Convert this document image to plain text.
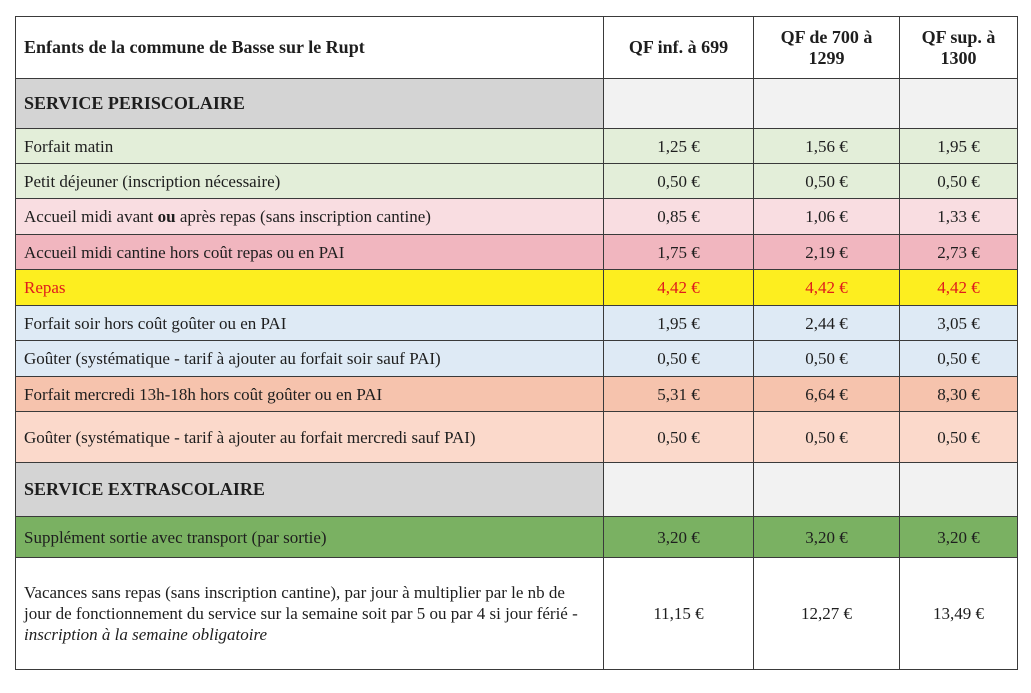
Enfants de la commune de Basse sur le Rupt	QF inf. à 699	QF de 700 à 1299	QF sup. à 1300
SERVICE PERISCOLAIRE			
Forfait matin	1,25 €	1,56 €	1,95 €
Petit déjeuner (inscription nécessaire)	0,50 €	0,50 €	0,50 €
Accueil midi avant ou après repas (sans inscription cantine)	0,85 €	1,06 €	1,33 €
Accueil midi cantine hors coût repas ou en PAI	1,75 €	2,19 €	2,73 €
Repas	4,42 €	4,42 €	4,42 €
Forfait soir hors coût goûter ou en PAI	1,95 €	2,44 €	3,05 €
Goûter (systématique - tarif à ajouter au forfait soir sauf PAI)	0,50 €	0,50 €	0,50 €
Forfait mercredi 13h-18h hors coût goûter ou en PAI	5,31 €	6,64 €	8,30 €
Goûter (systématique - tarif à ajouter au forfait mercredi sauf PAI)	0,50 €	0,50 €	0,50 €
SERVICE EXTRASCOLAIRE			
Supplément sortie avec transport (par sortie)	3,20 €	3,20 €	3,20 €
Vacances sans repas (sans inscription cantine), par jour à multiplier par le nb de jour de fonctionnement du service sur la semaine soit par 5 ou par 4 si jour férié - inscription à la semaine obligatoire	11,15 €	12,27 €	13,49 €
